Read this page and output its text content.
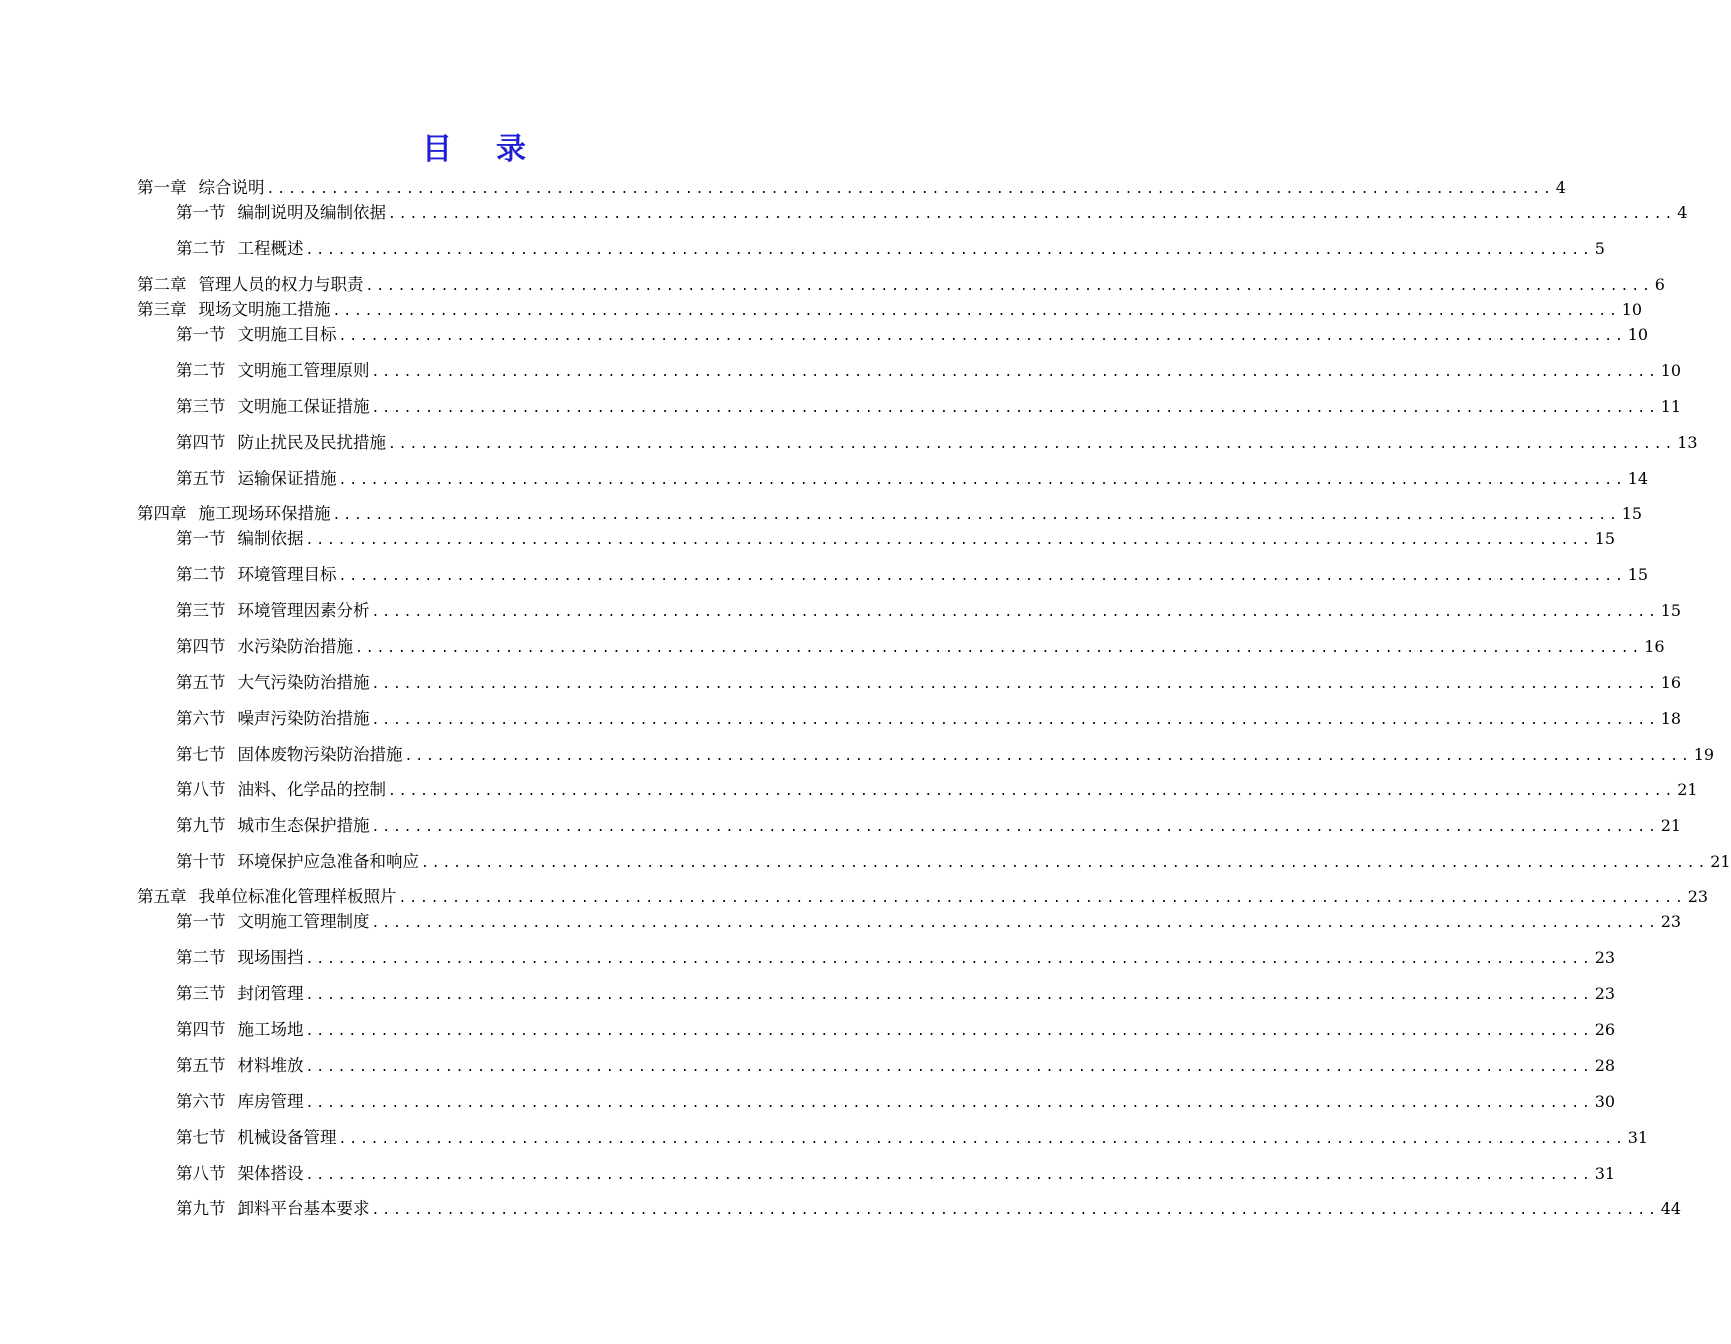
目 录
第一章 综合说明 ........................................................................................................................ 4
第一节 编制说明及编制依据 ........................................................................................................................ 4
第二节 工程概述 ........................................................................................................................ 5
第二章 管理人员的权力与职责 ........................................................................................................................ 6
第三章 现场文明施工措施 ........................................................................................................................ 10
第一节 文明施工目标 ........................................................................................................................ 10
第二节 文明施工管理原则 ........................................................................................................................ 10
第三节 文明施工保证措施 ........................................................................................................................ 11
第四节 防止扰民及民扰措施 ........................................................................................................................ 13
第五节 运输保证措施 ........................................................................................................................ 14
第四章 施工现场环保措施 ........................................................................................................................ 15
第一节 编制依据 ........................................................................................................................ 15
第二节 环境管理目标 ........................................................................................................................ 15
第三节 环境管理因素分析 ........................................................................................................................ 15
第四节 水污染防治措施 ........................................................................................................................ 16
第五节 大气污染防治措施 ........................................................................................................................ 16
第六节 噪声污染防治措施 ........................................................................................................................ 18
第七节 固体废物污染防治措施 ........................................................................................................................ 19
第八节 油料、化学品的控制 ........................................................................................................................ 21
第九节 城市生态保护措施 ........................................................................................................................ 21
第十节 环境保护应急准备和响应 ........................................................................................................................ 21
第五章 我单位标准化管理样板照片 ........................................................................................................................ 23
第一节 文明施工管理制度 ........................................................................................................................ 23
第二节 现场围挡 ........................................................................................................................ 23
第三节 封闭管理 ........................................................................................................................ 23
第四节 施工场地 ........................................................................................................................ 26
第五节 材料堆放 ........................................................................................................................ 28
第六节 库房管理 ........................................................................................................................ 30
第七节 机械设备管理 ........................................................................................................................ 31
第八节 架体搭设 ........................................................................................................................ 31
第九节 卸料平台基本要求 ........................................................................................................................ 44
